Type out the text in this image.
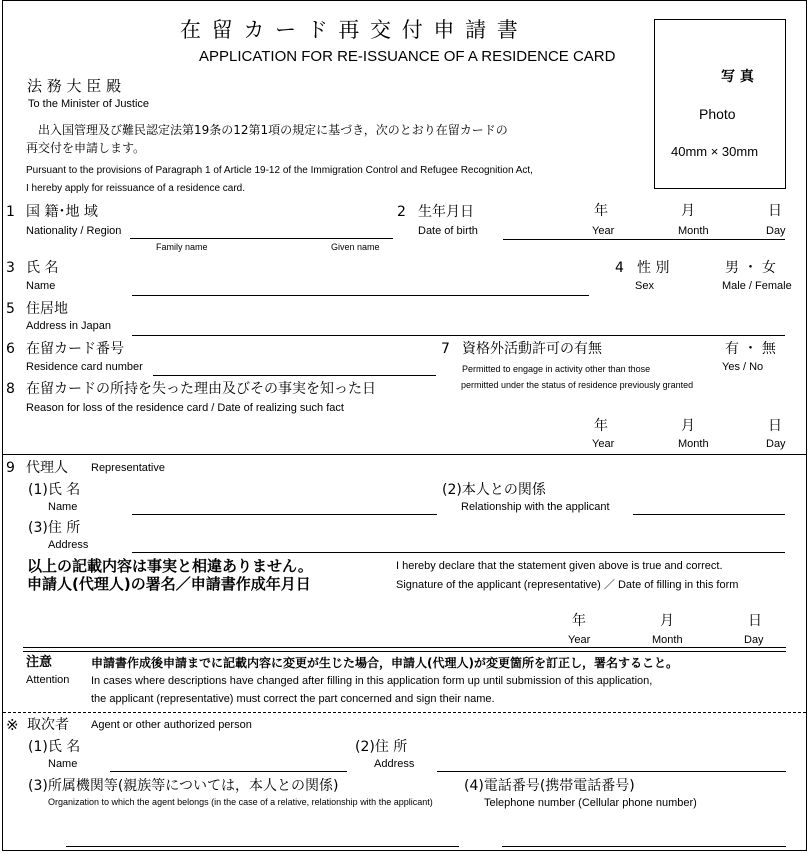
在 留 カ ー ド 再 交 付 申 請 書
APPLICATION FOR RE-ISSUANCE OF A RESIDENCE CARD
写 真
Photo
40mm × 30mm
法 務 大 臣 殿
To the Minister of Justice
出入国管理及び難民認定法第19条の12第1項の規定に基づき，次のとおり在留カードの
再交付を申請します。
Pursuant to the provisions of Paragraph 1 of Article 19-12 of the Immigration Control and Refugee Recognition Act,
I hereby apply for reissuance of a residence card.
1 国 籍･地 域
Nationality / Region
2 生年月日
Date of birth
年	月	日
Year	Month	Day
Family name	Given name
3 氏 名
Name
4 性 別
Sex
男 ・ 女
Male / Female
5 住居地
Address in Japan
6 在留カード番号
Residence card number
7 資格外活動許可の有無
Permitted to engage in activity other than those
permitted under the status of residence previously granted
有 ・ 無
Yes / No
8 在留カードの所持を失った理由及びその事実を知った日
Reason for loss of the residence card / Date of realizing such fact
年	月	日
Year	Month	Day
9 代理人 Representative
(1)氏 名
Name
(2)本人との関係
Relationship with the applicant
(3)住 所
Address
以上の記載内容は事実と相違ありません。
申請人(代理人)の署名／申請書作成年月日
I hereby declare that the statement given above is true and correct.
Signature of the applicant (representative) ／ Date of filling in this form
年	月	日
Year	Month	Day
注意
Attention
申請書作成後申請までに記載内容に変更が生じた場合，申請人(代理人)が変更箇所を訂正し，署名すること。
In cases where descriptions have changed after filling in this application form up until submission of this application,
the applicant (representative) must correct the part concerned and sign their name.
※ 取次者 Agent or other authorized person
(1)氏 名
Name
(2)住 所
Address
(3)所属機関等(親族等については，本人との関係)
Organization to which the agent belongs (in the case of a relative, relationship with the applicant)
(4)電話番号(携帯電話番号)
Telephone number (Cellular phone number)
